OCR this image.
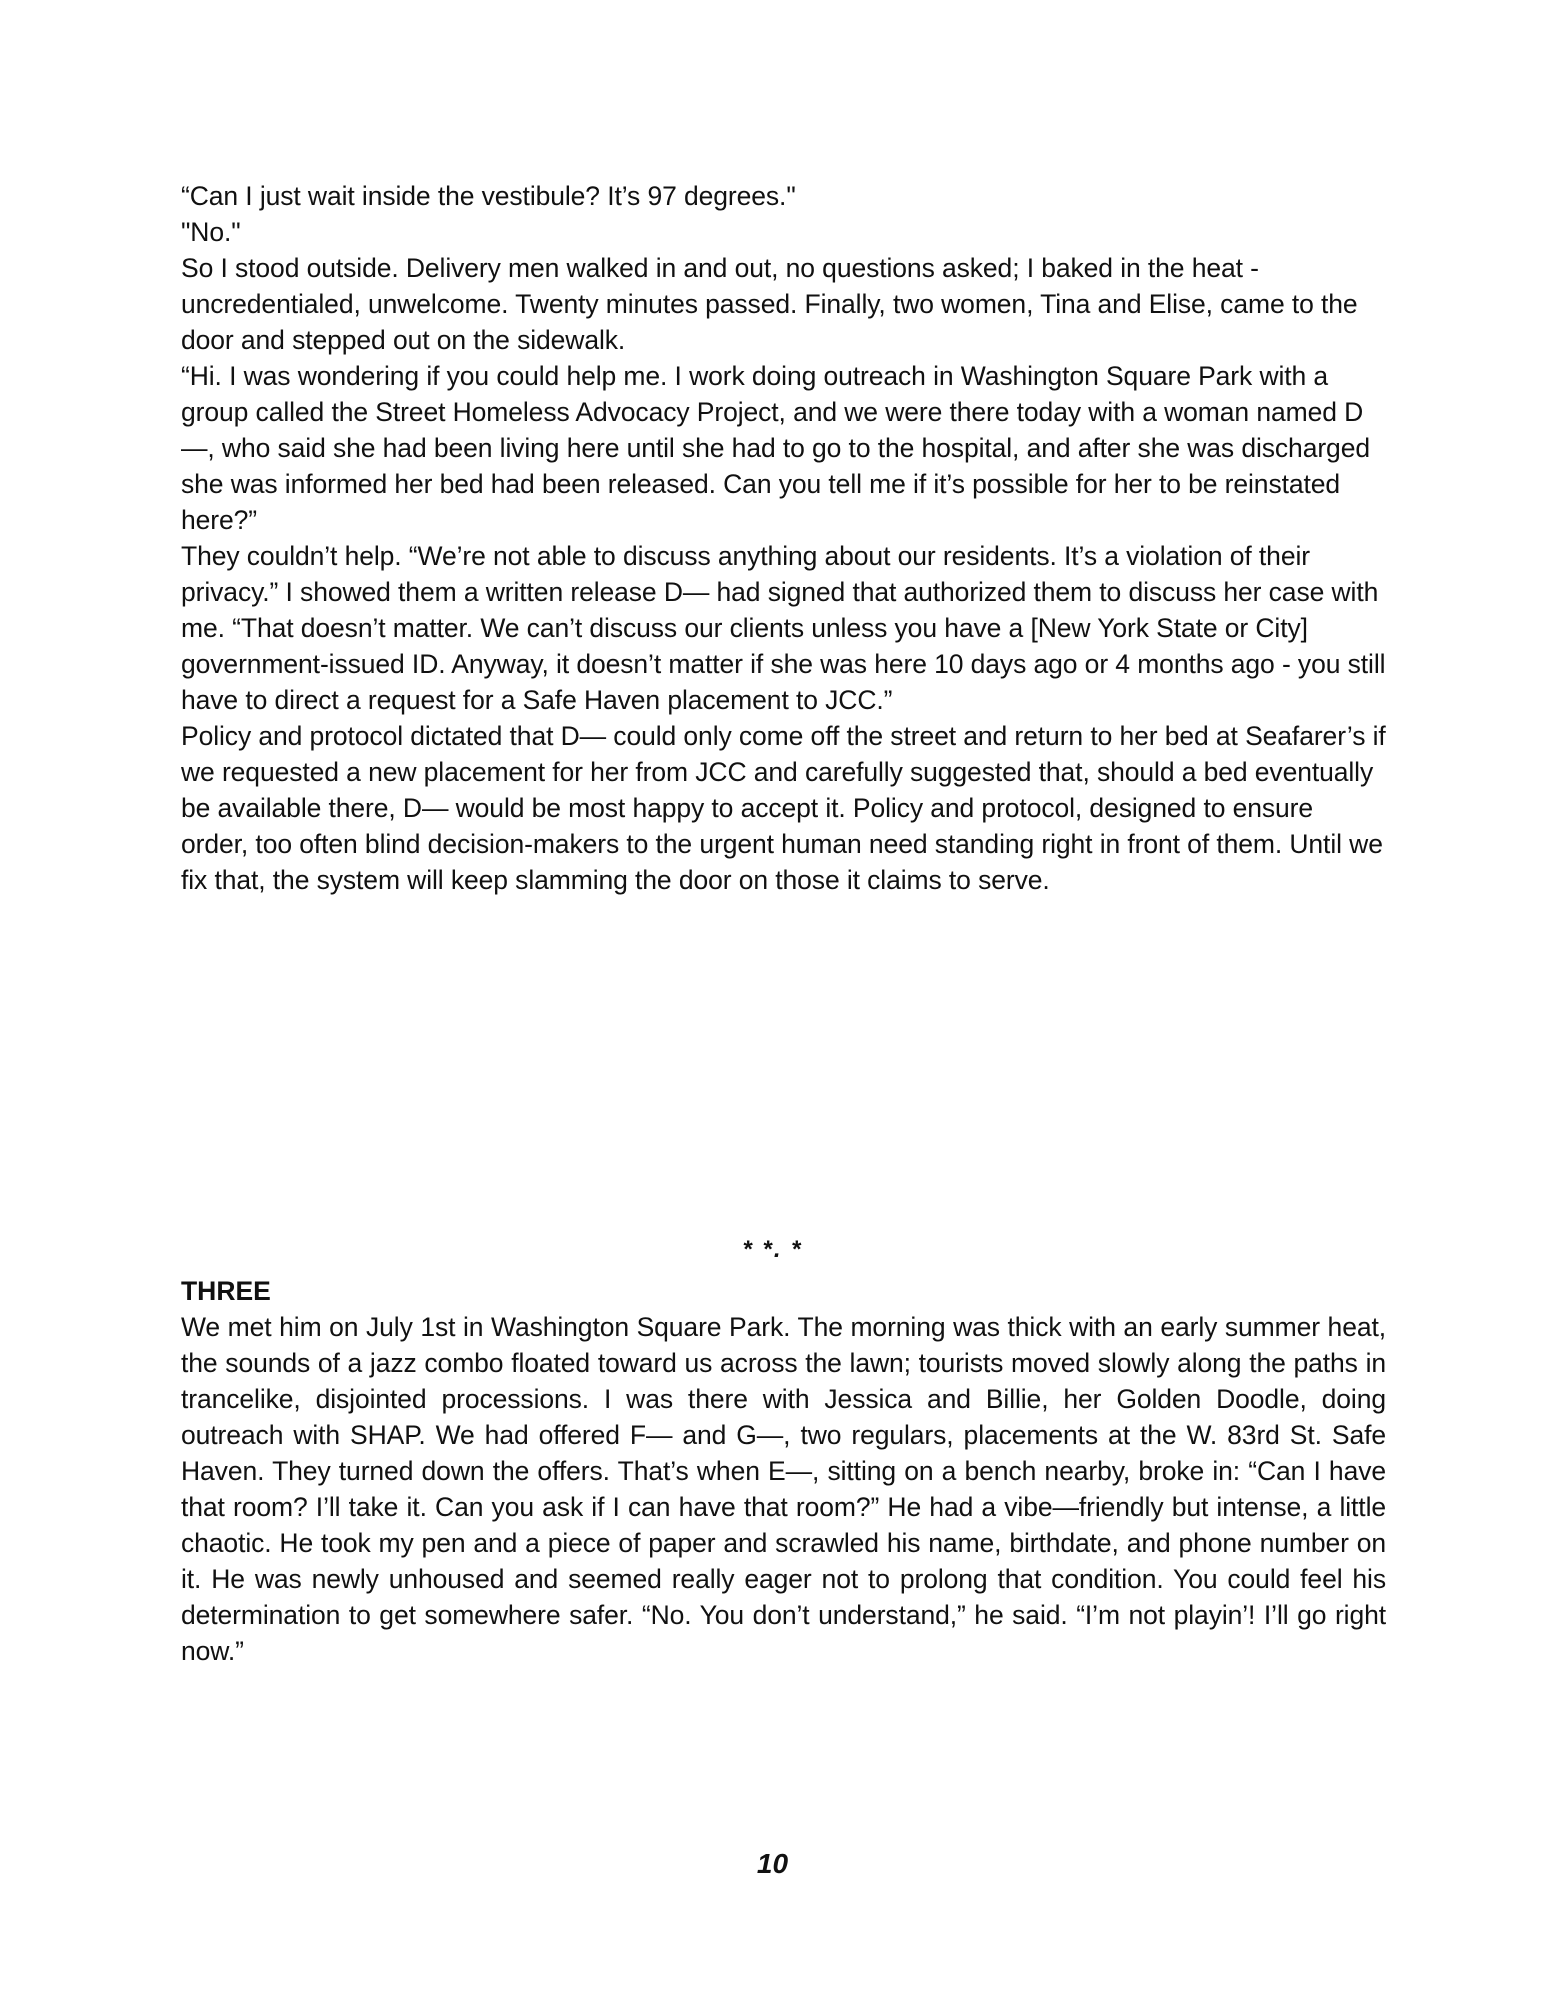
“Can I just wait inside the vestibule? It’s 97 degrees."

"No."

So I stood outside. Delivery men walked in and out, no questions asked; I baked in the heat - uncredentialed, unwelcome. Twenty minutes passed. Finally, two women, Tina and Elise, came to the door and stepped out on the sidewalk.

“Hi. I was wondering if you could help me. I work doing outreach in Washington Square Park with a group called the Street Homeless Advocacy Project, and we were there today with a woman named D—, who said she had been living here until she had to go to the hospital, and after she was discharged she was informed her bed had been released. Can you tell me if it’s possible for her to be reinstated here?”

They couldn’t help. “We’re not able to discuss anything about our residents. It’s a violation of their privacy.” I showed them a written release D— had signed that authorized them to discuss her case with me. “That doesn’t matter. We can’t discuss our clients unless you have a [New York State or City] government-issued ID. Anyway, it doesn’t matter if she was here 10 days ago or 4 months ago - you still have to direct a request for a Safe Haven placement to JCC.”

Policy and protocol dictated that D— could only come off the street and return to her bed at Seafarer’s if we requested a new placement for her from JCC and carefully suggested that, should a bed eventually be available there, D— would be most happy to accept it. Policy and protocol, designed to ensure order, too often blind decision-makers to the urgent human need standing right in front of them. Until we fix that, the system will keep slamming the door on those it claims to serve.

* *. *
THREE

We met him on July 1st in Washington Square Park. The morning was thick with an early summer heat, the sounds of a jazz combo floated toward us across the lawn; tourists moved slowly along the paths in trancelike, disjointed processions. I was there with Jessica and Billie, her Golden Doodle, doing outreach with SHAP. We had offered F— and G—, two regulars, placements at the W. 83rd St. Safe Haven. They turned down the offers. That’s when E—, sitting on a bench nearby, broke in: “Can I have that room? I’ll take it. Can you ask if I can have that room?” He had a vibe—friendly but intense, a little chaotic. He took my pen and a piece of paper and scrawled his name, birthdate, and phone number on it. He was newly unhoused and seemed really eager not to prolong that condition. You could feel his determination to get somewhere safer. “No. You don’t understand,” he said. “I’m not playin’! I’ll go right now.”

10
